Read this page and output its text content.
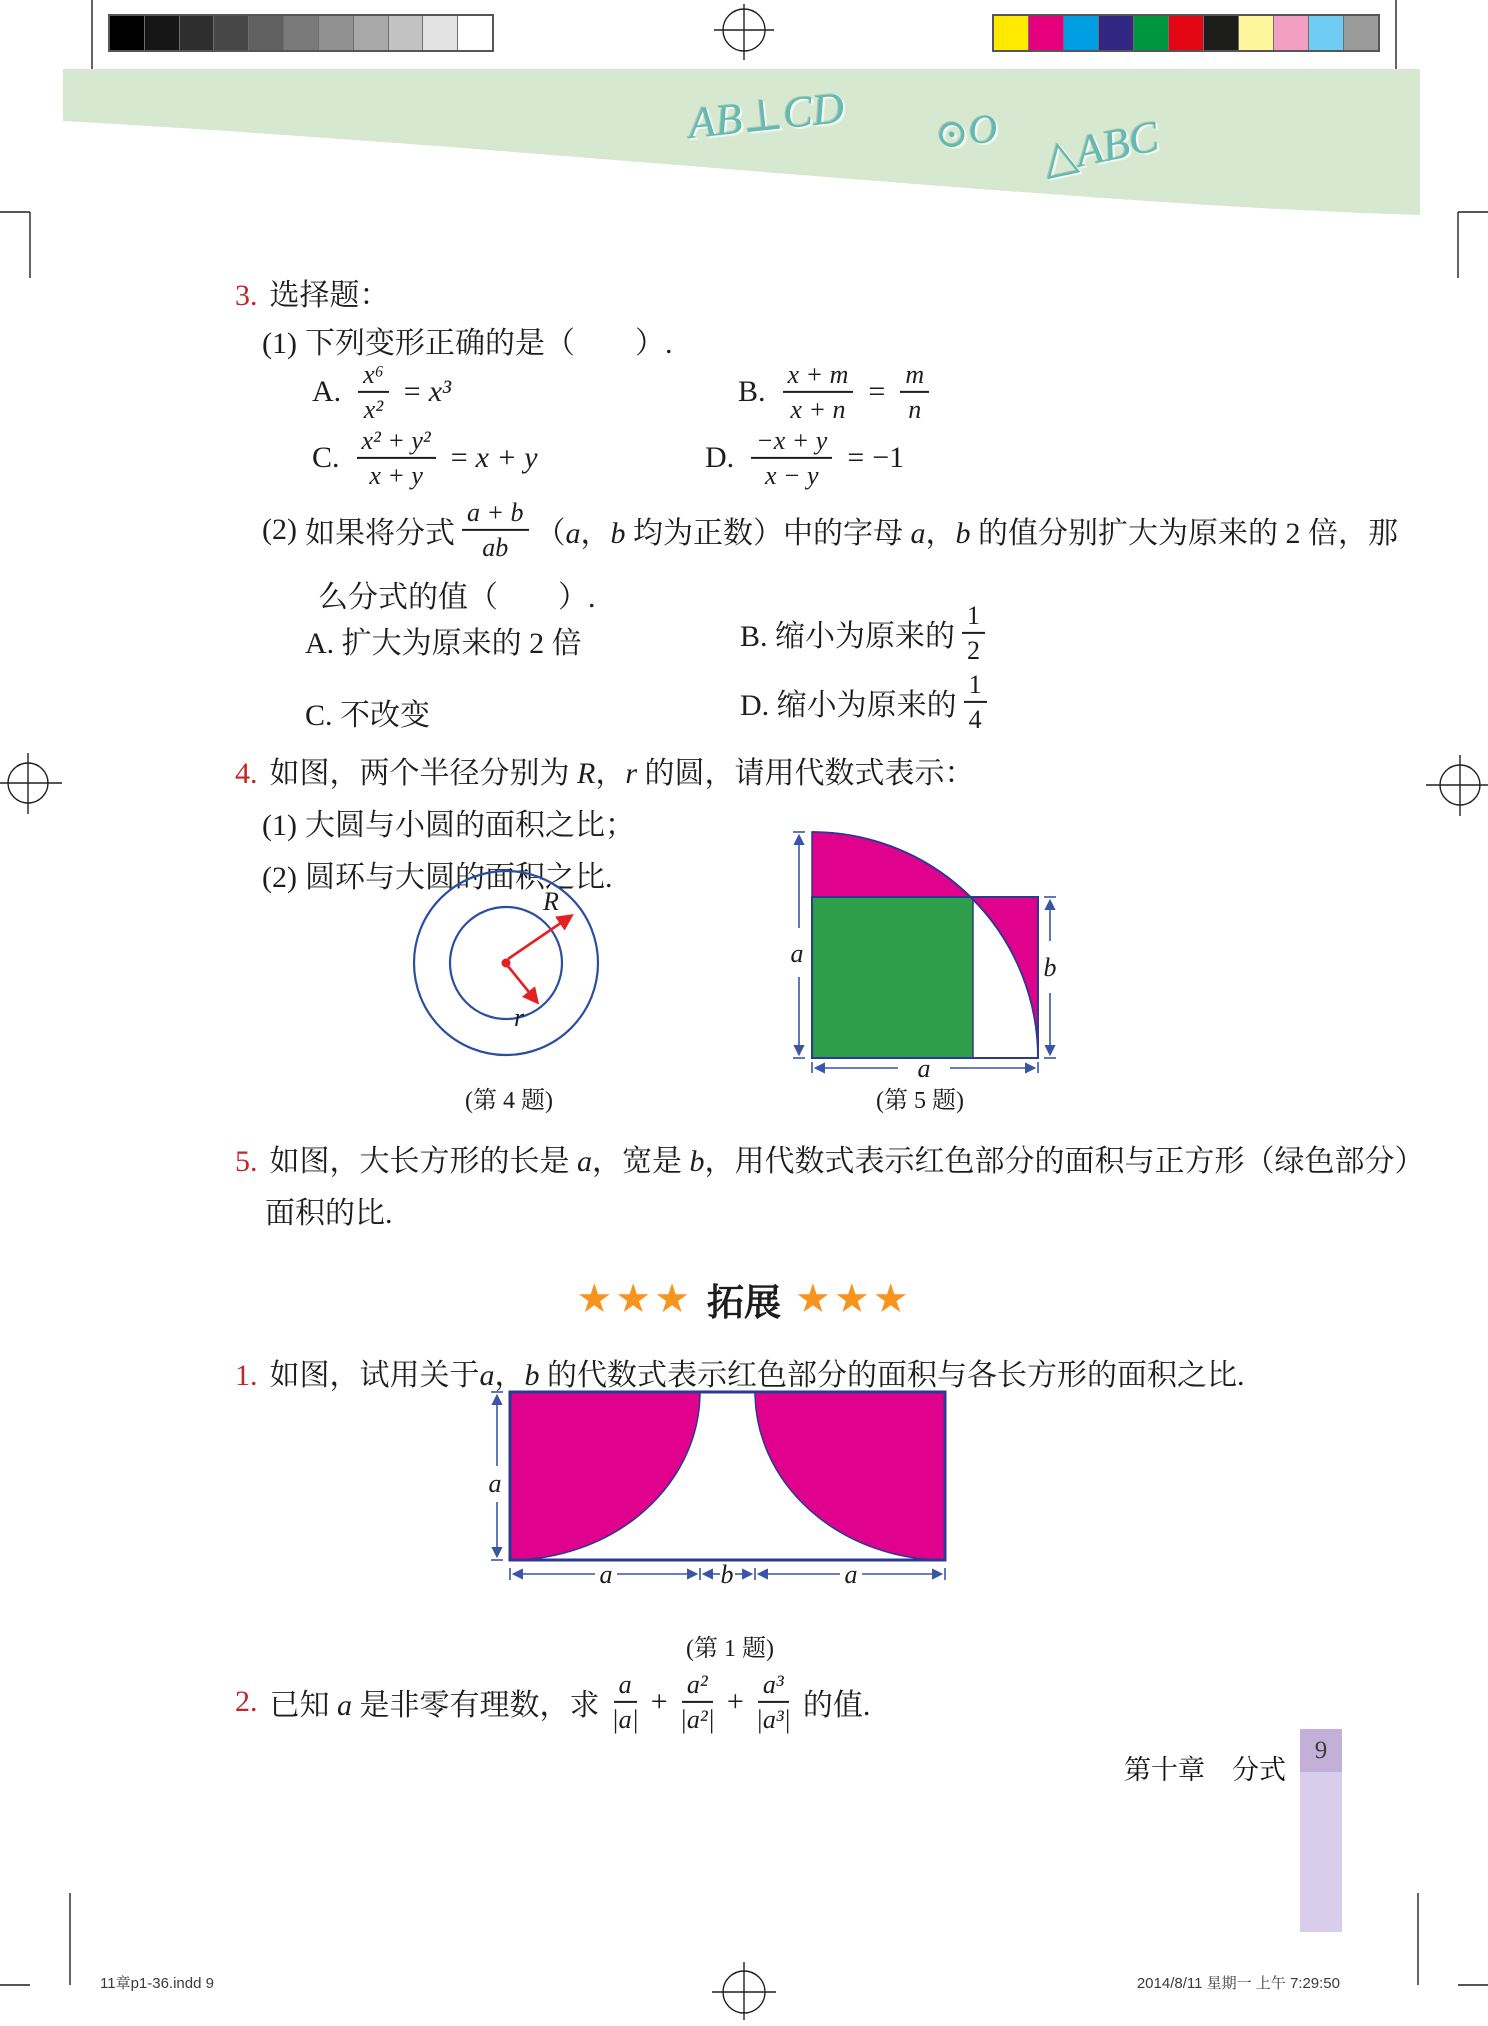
AB⊥CD ⊙O △ABC
3. 选择题：
(1) 下列变形正确的是（　　）.
A. $\frac{\text{x⁶}}{\text{x²}} = x^3$	B. $\frac{x + m}{x + n} = \frac{m}{n}$
C. $\frac{\text{x² + y²}}{x + y} = x + y$	D. $\frac{-x + y}{x - y} = -1$
(2) 如果将分式 $\frac{a + b}{ab} (a$，b 均为正数）中的字母 a，b 的值分别扩大为原来的 2 倍，那
么分式的值（　　）.
A. 扩大为原来的 2 倍	B. 缩小为原来的 $\frac{1}{2}$
C. 不改变	D. 缩小为原来的 $\frac{1}{4}$
4. 如图，两个半径分别为 R，r 的圆，请用代数式表示：
(1) 大圆与小圆的面积之比；
(2) 圆环与大圆的面积之比.
R
r
(第 4 题)
a	b
a
(第 5 题)
5. 如图，大长方形的长是 a，宽是 b，用代数式表示红色部分的面积与正方形（绿色部分）
面积的比.
★★★ 拓展 ★★★
1. 如图，试用关于a，b 的代数式表示红色部分的面积与各长方形的面积之比.
a
a	b	a
(第 1 题)
2. 已知 a 是非零有理数，求 $\frac{a}{|a|} + \frac{\text{a²}}{\text{|a²|}} + \frac{\text{a³}}{\text{|a³|}}$ 的值.
第十章　分式
9
11章p1-36.indd 9	2014/8/11 星期一 上午 7:29:50
